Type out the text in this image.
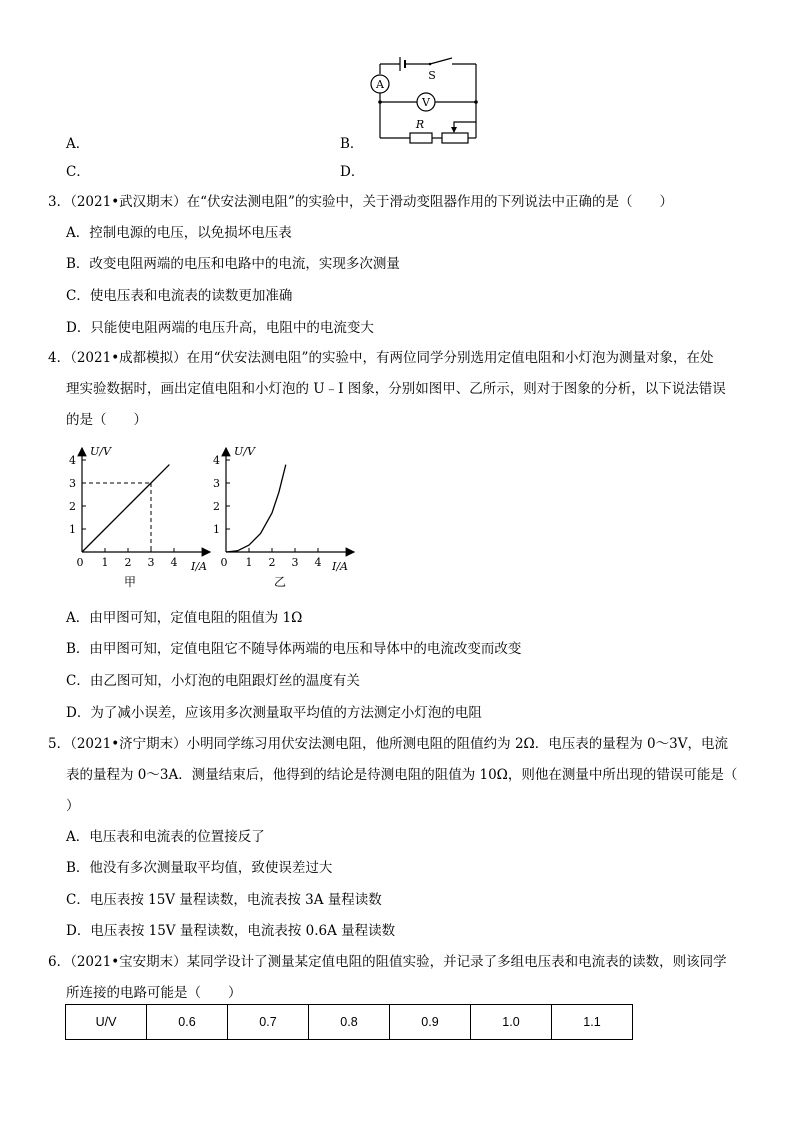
A
V
S
R
A．	B．
C．	D．
3．（2021•武汉期末）在“伏安法测电阻”的实验中，关于滑动变阻器作用的下列说法中正确的是（　　）
A．控制电源的电压，以免损坏电压表
B．改变电阻两端的电压和电路中的电流，实现多次测量
C．使电压表和电流表的读数更加准确
D．只能使电阻两端的电压升高，电阻中的电流变大
4．（2021•成都模拟）在用“伏安法测电阻”的实验中，有两位同学分别选用定值电阻和小灯泡为测量对象，在处
理实验数据时，画出定值电阻和小灯泡的 U﹣I 图象，分别如图甲、乙所示，则对于图象的分析，以下说法错误
的是（　　）
0 1 2 3 4
1
2
3
4
U/V
I/A
甲
0 1 2 3 4
1
2
3
4
U/V
I/A
乙
A．由甲图可知，定值电阻的阻值为 1Ω
B．由甲图可知，定值电阻它不随导体两端的电压和导体中的电流改变而改变
C．由乙图可知，小灯泡的电阻跟灯丝的温度有关
D．为了减小误差，应该用多次测量取平均值的方法测定小灯泡的电阻
5．（2021•济宁期末）小明同学练习用伏安法测电阻，他所测电阻的阻值约为 2Ω．电压表的量程为 0～3V，电流
表的量程为 0～3A．测量结束后，他得到的结论是待测电阻的阻值为 10Ω，则他在测量中所出现的错误可能是（
）
A．电压表和电流表的位置接反了
B．他没有多次测量取平均值，致使误差过大
C．电压表按 15V 量程读数，电流表按 3A 量程读数
D．电压表按 15V 量程读数，电流表按 0.6A 量程读数
6．（2021•宝安期末）某同学设计了测量某定值电阻的阻值实验，并记录了多组电压表和电流表的读数，则该同学
所连接的电路可能是（　　）
U/V	0.6	0.7	0.8	0.9	1.0	1.1
